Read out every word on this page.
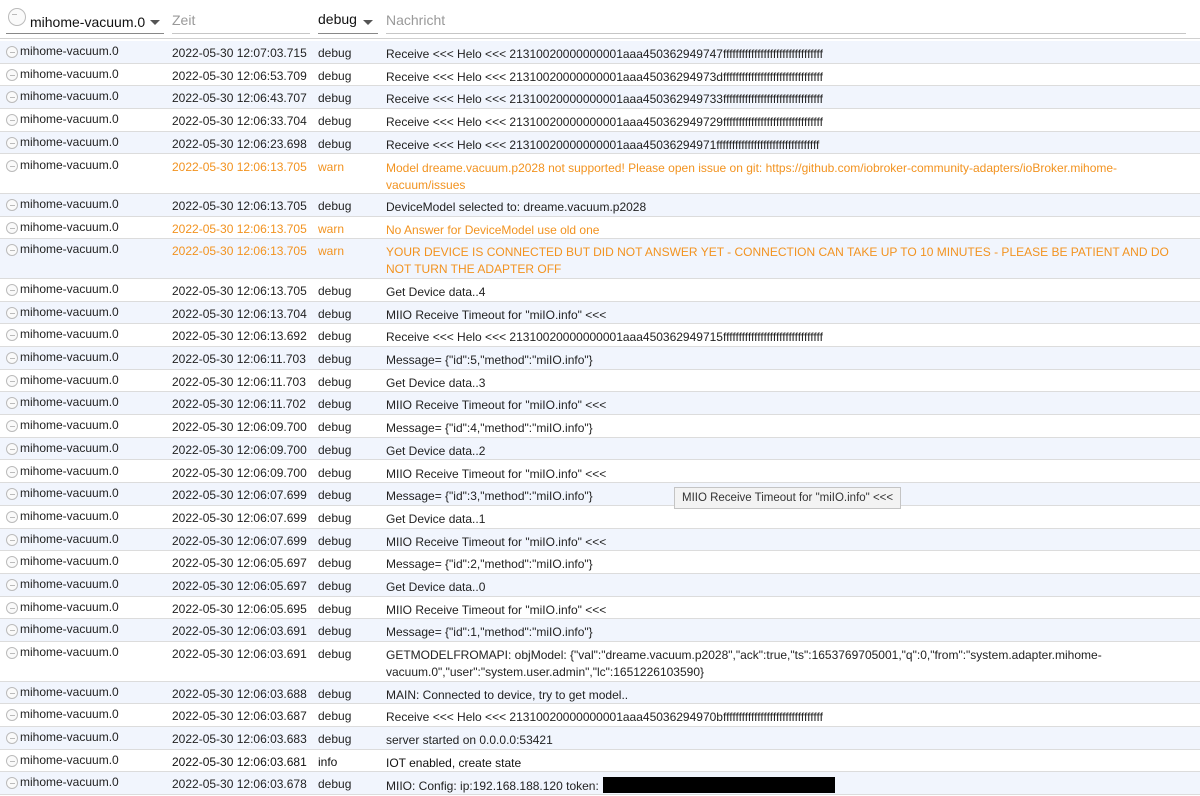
mihome-vacuum.0 Zeit	debug Nachricht
mihome-vacuum.0	2022-05-30 12:07:03.715 debug	Receive <<< Helo <<< 21310020000000001aaa450362949747ffffffffffffffffffffffffffffffff
mihome-vacuum.0	2022-05-30 12:06:53.709 debug	Receive <<< Helo <<< 21310020000000001aaa45036294973dffffffffffffffffffffffffffffffff
mihome-vacuum.0	2022-05-30 12:06:43.707 debug	Receive <<< Helo <<< 21310020000000001aaa450362949733ffffffffffffffffffffffffffffffff
mihome-vacuum.0	2022-05-30 12:06:33.704 debug	Receive <<< Helo <<< 21310020000000001aaa450362949729ffffffffffffffffffffffffffffffff
mihome-vacuum.0	2022-05-30 12:06:23.698 debug	Receive <<< Helo <<< 21310020000000001aaa45036294971fffffffffffffffffffffffffffffffff
mihome-vacuum.0	2022-05-30 12:06:13.705 warn	Model dreame.vacuum.p2028 not supported! Please open issue on git: https://github.com/iobroker-community-adapters/ioBroker.mihome-vacuum/issues
mihome-vacuum.0	2022-05-30 12:06:13.705 debug	DeviceModel selected to: dreame.vacuum.p2028
mihome-vacuum.0	2022-05-30 12:06:13.705 warn	No Answer for DeviceModel use old one
mihome-vacuum.0	2022-05-30 12:06:13.705 warn	YOUR DEVICE IS CONNECTED BUT DID NOT ANSWER YET - CONNECTION CAN TAKE UP TO 10 MINUTES - PLEASE BE PATIENT AND DO NOT TURN THE ADAPTER OFF
mihome-vacuum.0	2022-05-30 12:06:13.705 debug	Get Device data..4
mihome-vacuum.0	2022-05-30 12:06:13.704 debug	MIIO Receive Timeout for "miIO.info" <<<
mihome-vacuum.0	2022-05-30 12:06:13.692 debug	Receive <<< Helo <<< 21310020000000001aaa450362949715ffffffffffffffffffffffffffffffff
mihome-vacuum.0	2022-05-30 12:06:11.703 debug	Message= {"id":5,"method":"miIO.info"}
mihome-vacuum.0	2022-05-30 12:06:11.703 debug	Get Device data..3
mihome-vacuum.0	2022-05-30 12:06:11.702 debug	MIIO Receive Timeout for "miIO.info" <<<
mihome-vacuum.0	2022-05-30 12:06:09.700 debug	Message= {"id":4,"method":"miIO.info"}
mihome-vacuum.0	2022-05-30 12:06:09.700 debug	Get Device data..2
mihome-vacuum.0	2022-05-30 12:06:09.700 debug	MIIO Receive Timeout for "miIO.info" <<<
mihome-vacuum.0	2022-05-30 12:06:07.699 debug	Message= {"id":3,"method":"miIO.info"}
mihome-vacuum.0	2022-05-30 12:06:07.699 debug	Get Device data..1
mihome-vacuum.0	2022-05-30 12:06:07.699 debug	MIIO Receive Timeout for "miIO.info" <<<
mihome-vacuum.0	2022-05-30 12:06:05.697 debug	Message= {"id":2,"method":"miIO.info"}
mihome-vacuum.0	2022-05-30 12:06:05.697 debug	Get Device data..0
mihome-vacuum.0	2022-05-30 12:06:05.695 debug	MIIO Receive Timeout for "miIO.info" <<<
mihome-vacuum.0	2022-05-30 12:06:03.691 debug	Message= {"id":1,"method":"miIO.info"}
mihome-vacuum.0	2022-05-30 12:06:03.691 debug	GETMODELFROMAPI: objModel: {"val":"dreame.vacuum.p2028","ack":true,"ts":1653769705001,"q":0,"from":"system.adapter.mihome-vacuum.0","user":"system.user.admin","lc":1651226103590}
mihome-vacuum.0	2022-05-30 12:06:03.688 debug	MAIN: Connected to device, try to get model..
mihome-vacuum.0	2022-05-30 12:06:03.687 debug	Receive <<< Helo <<< 21310020000000001aaa45036294970bffffffffffffffffffffffffffffffff
mihome-vacuum.0	2022-05-30 12:06:03.683 debug	server started on 0.0.0.0:53421
mihome-vacuum.0	2022-05-30 12:06:03.681 info	IOT enabled, create state
mihome-vacuum.0	2022-05-30 12:06:03.678 debug	MIIO: Config: ip:192.168.188.120 token:
MIIO Receive Timeout for "miIO.info" <<<
